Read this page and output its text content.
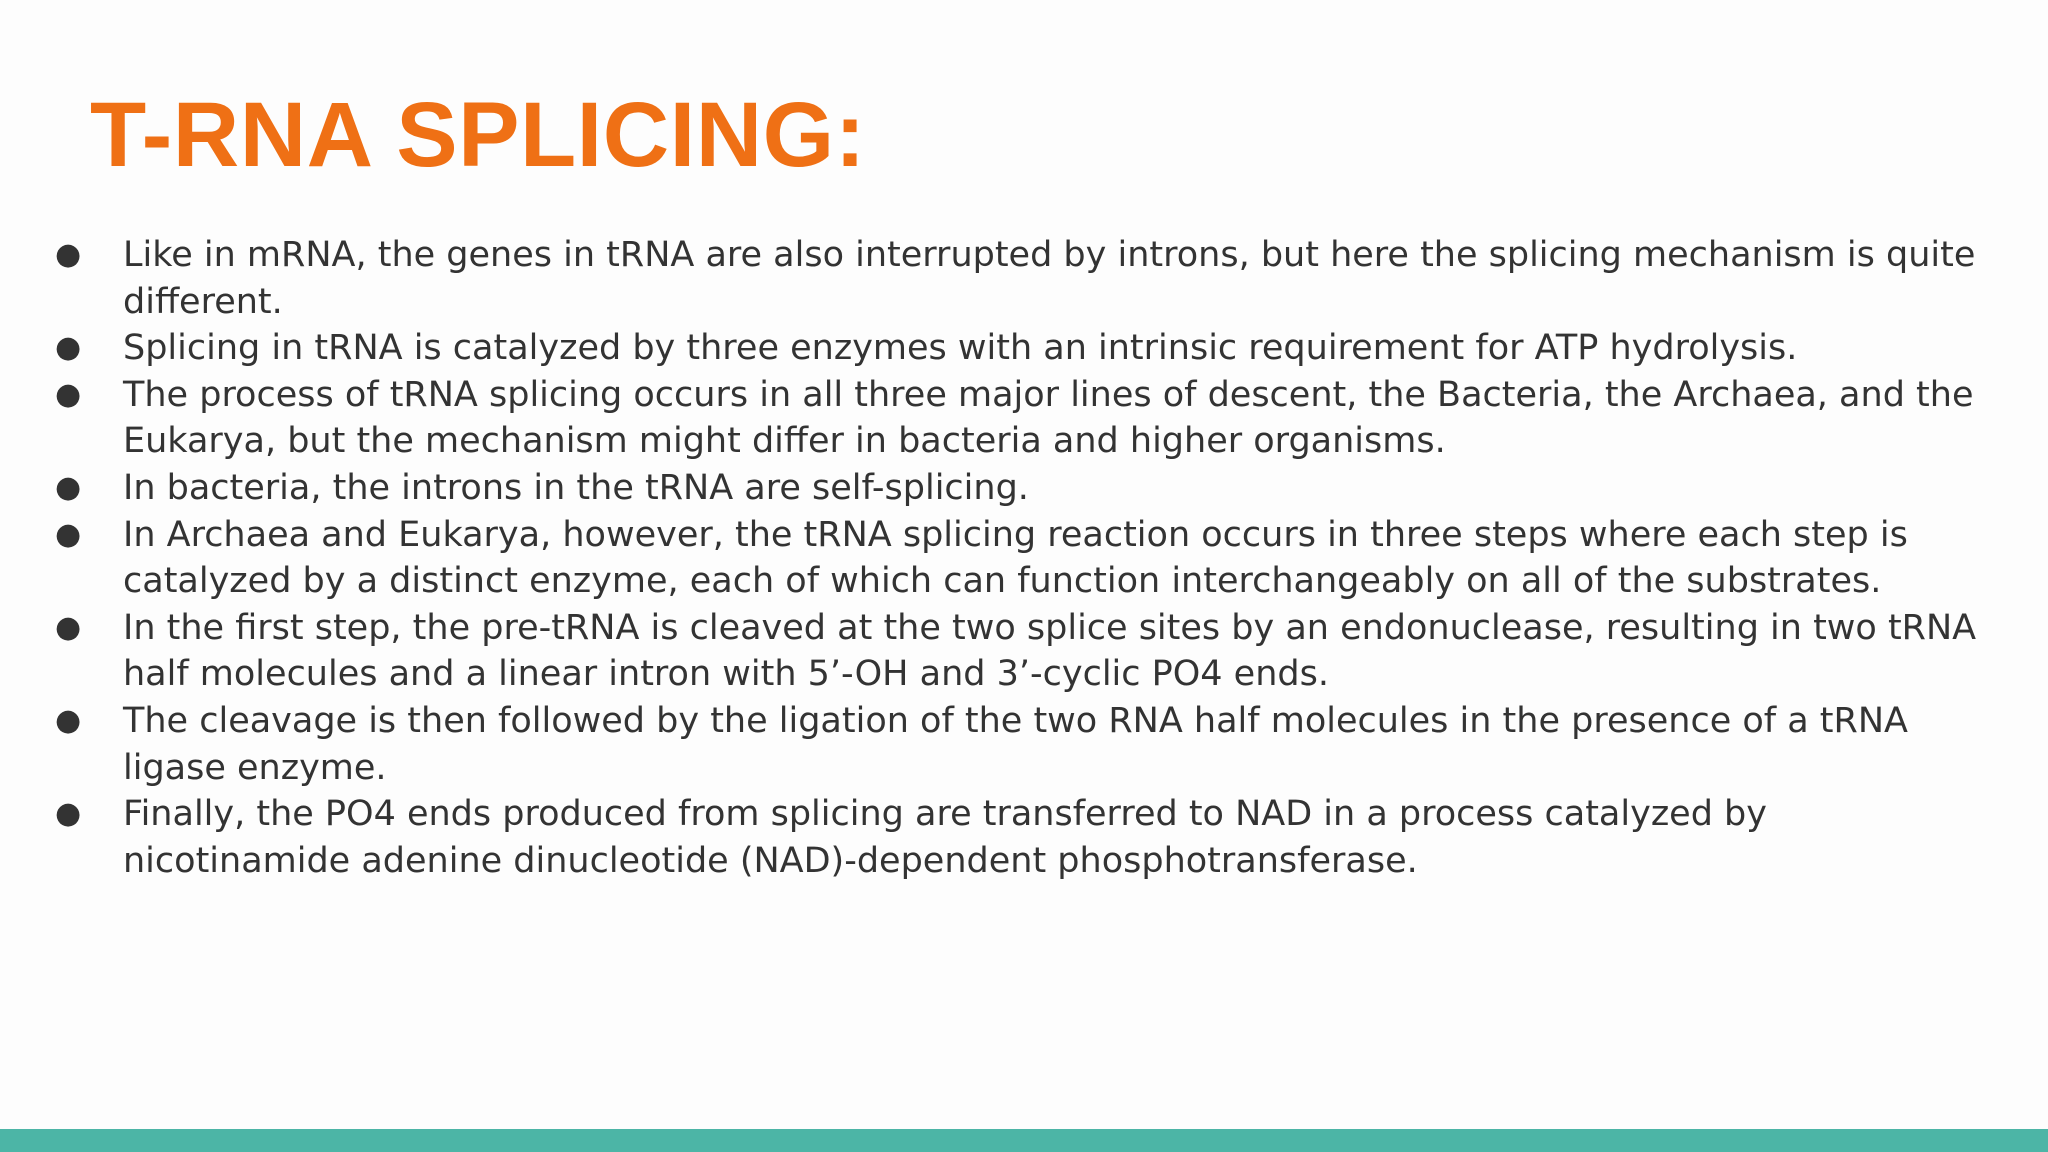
T-RNA SPLICING:
● Like in mRNA, the genes in tRNA are also interrupted by introns, but here the splicing mechanism is quite different.
● Splicing in tRNA is catalyzed by three enzymes with an intrinsic requirement for ATP hydrolysis.
● The process of tRNA splicing occurs in all three major lines of descent, the Bacteria, the Archaea, and the Eukarya, but the mechanism might differ in bacteria and higher organisms.
● In bacteria, the introns in the tRNA are self-splicing.
● In Archaea and Eukarya, however, the tRNA splicing reaction occurs in three steps where each step is catalyzed by a distinct enzyme, each of which can function interchangeably on all of the substrates.
● In the first step, the pre-tRNA is cleaved at the two splice sites by an endonuclease, resulting in two tRNA half molecules and a linear intron with 5’-OH and 3’-cyclic PO4 ends.
● The cleavage is then followed by the ligation of the two RNA half molecules in the presence of a tRNA ligase enzyme.
● Finally, the PO4 ends produced from splicing are transferred to NAD in a process catalyzed by nicotinamide adenine dinucleotide (NAD)-dependent phosphotransferase.
